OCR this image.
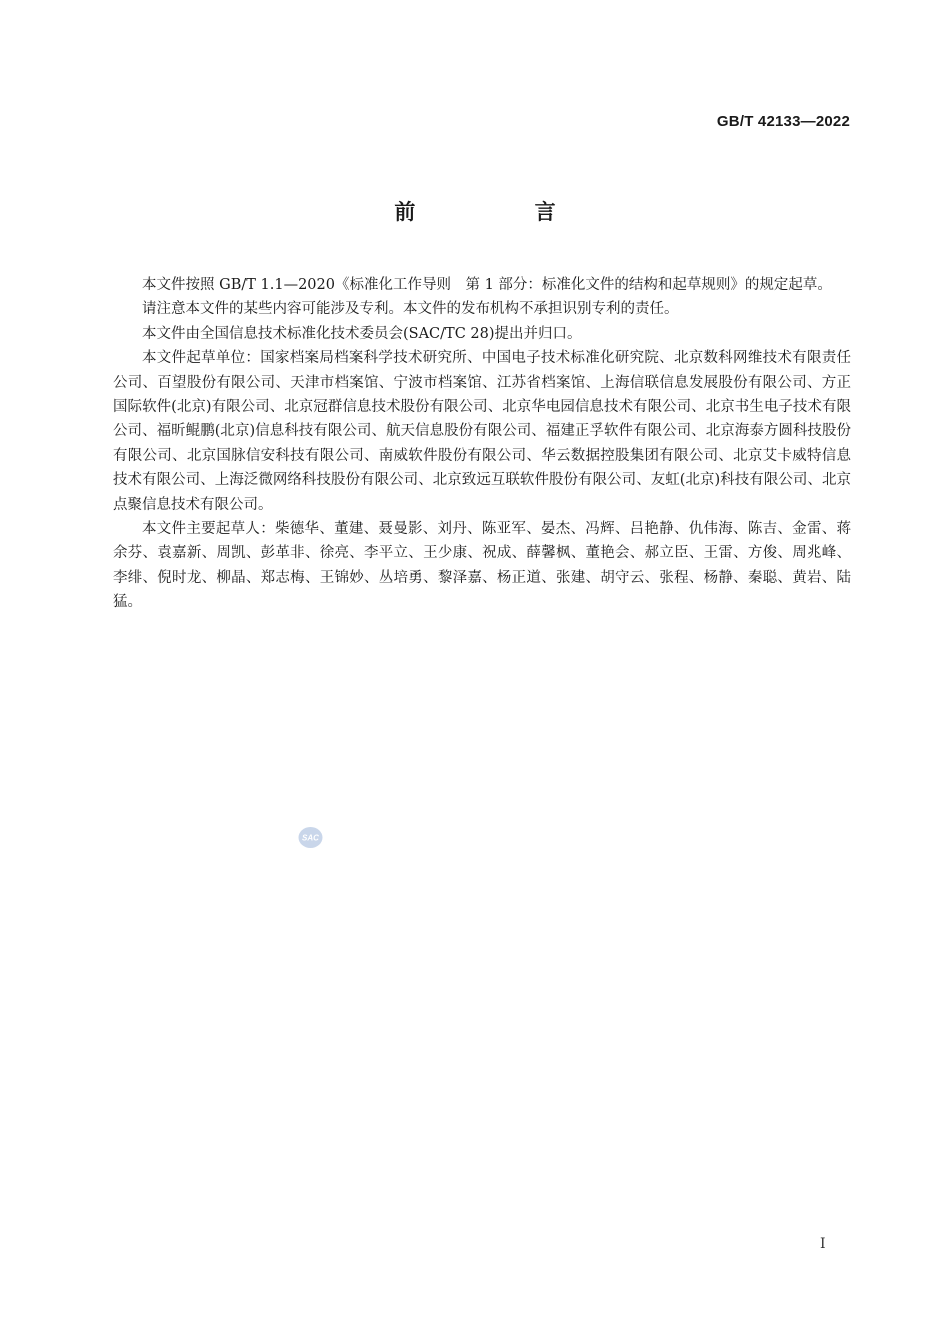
GB/T 42133—2022
前 言

本文件按照 GB/T 1.1—2020《标准化工作导则　第 1 部分：标准化文件的结构和起草规则》的规定起草。

请注意本文件的某些内容可能涉及专利。本文件的发布机构不承担识别专利的责任。

本文件由全国信息技术标准化技术委员会(SAC/TC 28)提出并归口。

本文件起草单位：国家档案局档案科学技术研究所、中国电子技术标准化研究院、北京数科网维技术有限责任公司、百望股份有限公司、天津市档案馆、宁波市档案馆、江苏省档案馆、上海信联信息发展股份有限公司、方正国际软件(北京)有限公司、北京冠群信息技术股份有限公司、北京华电园信息技术有限公司、北京书生电子技术有限公司、福昕鲲鹏(北京)信息科技有限公司、航天信息股份有限公司、福建正孚软件有限公司、北京海泰方圆科技股份有限公司、北京国脉信安科技有限公司、南威软件股份有限公司、华云数据控股集团有限公司、北京艾卡威特信息技术有限公司、上海泛微网络科技股份有限公司、北京致远互联软件股份有限公司、友虹(北京)科技有限公司、北京点聚信息技术有限公司。

本文件主要起草人：柴德华、董建、聂曼影、刘丹、陈亚军、晏杰、冯辉、吕艳静、仇伟海、陈吉、金雷、蒋余芬、袁嘉新、周凯、彭革非、徐亮、李平立、王少康、祝成、薛馨枫、董艳会、郝立臣、王雷、方俊、周兆峰、李绯、倪时龙、柳晶、郑志梅、王锦妙、丛培勇、黎泽嘉、杨正道、张建、胡守云、张程、杨静、秦聪、黄岩、陆猛。

SAC
I
